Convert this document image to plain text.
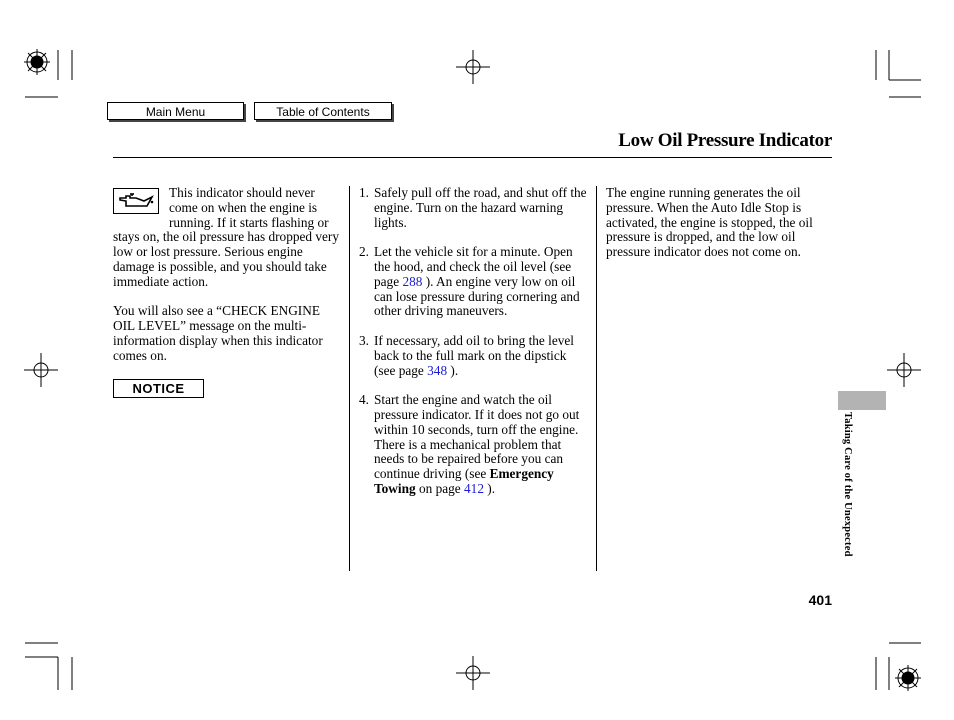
Main Menu	Table of Contents
Low Oil Pressure Indicator

This indicator should never come on when the engine is running. If it starts flashing or stays on, the oil pressure has dropped very low or lost pressure. Serious engine damage is possible, and you should take immediate action.

You will also see a “CHECK ENGINE OIL LEVEL” message on the multi-information display when this indicator comes on.

NOTICE
1. Safely pull off the road, and shut off the engine. Turn on the hazard warning lights.
2. Let the vehicle sit for a minute. Open the hood, and check the oil level (see page 288 ). An engine very low on oil can lose pressure during cornering and other driving maneuvers.
3. If necessary, add oil to bring the level back to the full mark on the dipstick (see page 348 ).
4. Start the engine and watch the oil pressure indicator. If it does not go out within 10 seconds, turn off the engine. There is a mechanical problem that needs to be repaired before you can continue driving (see Emergency Towing on page 412 ).

The engine running generates the oil pressure. When the Auto Idle Stop is activated, the engine is stopped, the oil pressure is dropped, and the low oil pressure indicator does not come on.

Taking Care of the Unexpected
401
